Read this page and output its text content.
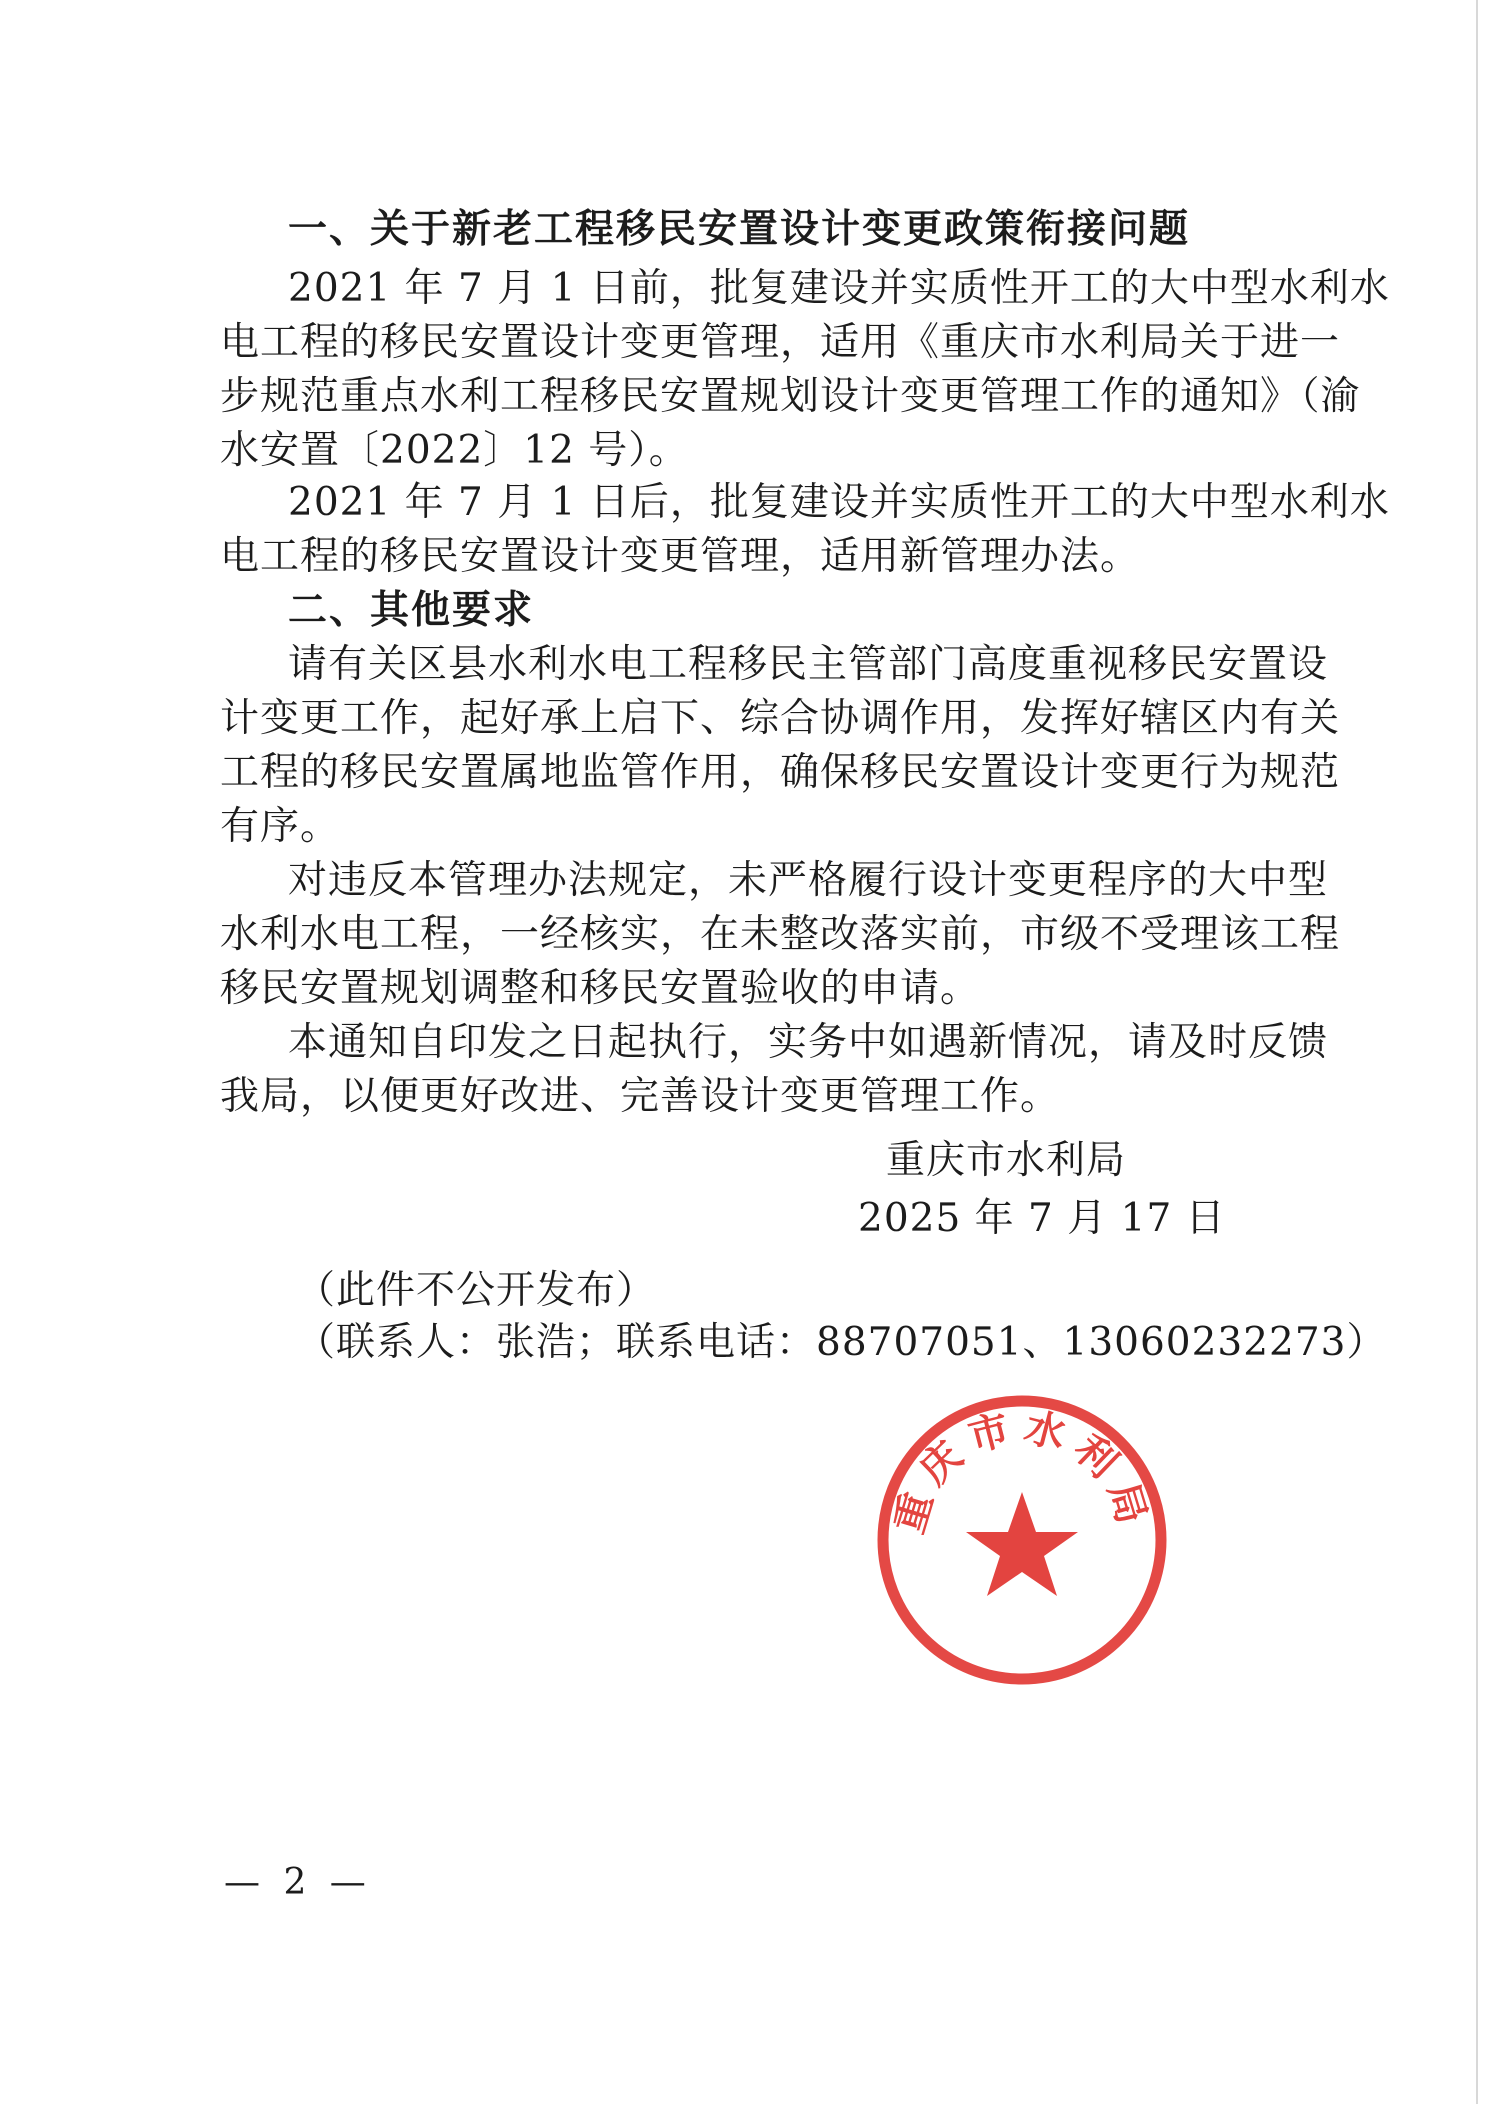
一、关于新老工程移民安置设计变更政策衔接问题
2021 年 7 月 1 日前，批复建设并实质性开工的大中型水利水
电工程的移民安置设计变更管理，适用《重庆市水利局关于进一
步规范重点水利工程移民安置规划设计变更管理工作的通知》（渝
水安置〔2022〕12 号）。
2021 年 7 月 1 日后，批复建设并实质性开工的大中型水利水
电工程的移民安置设计变更管理，适用新管理办法。
二、其他要求
请有关区县水利水电工程移民主管部门高度重视移民安置设
计变更工作，起好承上启下、综合协调作用，发挥好辖区内有关
工程的移民安置属地监管作用，确保移民安置设计变更行为规范
有序。
对违反本管理办法规定，未严格履行设计变更程序的大中型
水利水电工程，一经核实，在未整改落实前，市级不受理该工程
移民安置规划调整和移民安置验收的申请。
本通知自印发之日起执行，实务中如遇新情况，请及时反馈
我局，以便更好改进、完善设计变更管理工作。
重庆市水利局
2025 年 7 月 17 日
重庆市水利局
（此件不公开发布）
（联系人：张浩；联系电话：88707051、13060232273）
— 2 —
